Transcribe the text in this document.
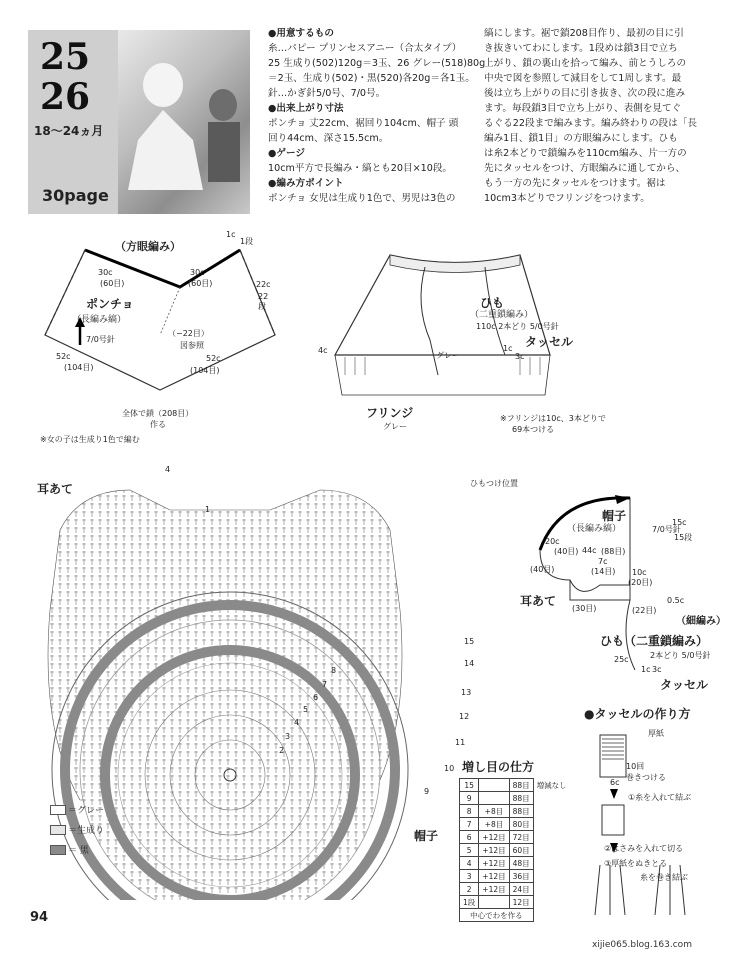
25
26
18～24ヵ月
30page
●用意するもの
糸…パピー プリンセスアニー（合太タイプ）
25 生成り(502)120g＝3玉、26 グレー(518)80g
＝2玉、生成り(502)・黒(520)各20g＝各1玉。
針…かぎ針5/0号、7/0号。
●出来上がり寸法
ポンチョ 丈22cm、裾回り104cm、帽子 頭
回り44cm、深さ15.5cm。
●ゲージ
10cm平方で長編み・縞とも20目×10段。
●編み方ポイント
ポンチョ 女児は生成り1色で、男児は3色の
縞にします。裾で鎖208目作り、最初の目に引
き抜きいてわにします。1段めは鎖3目で立ち
上がり、鎖の裏山を拾って編み、前とうしろの
中央で図を参照して減目をして1周します。最
後は立ち上がりの目に引き抜き、次の段に進み
ます。毎段鎖3目で立ち上がり、表側を見てぐ
るぐる22段まで編みます。編み終わりの段は「長
編み1目、鎖1目」の方眼編みにします。ひも
は糸2本どりで鎖編みを110cm編み、片一方の
先にタッセルをつけ、方眼編みに通してから、
もう一方の先にタッセルをつけます。裾は
10cm3本どりでフリンジをつけます。
（方眼編み）
1c
1段
30c
(60目)
30c
(60目)	22c
22段
ポンチョ
（長編み縞）
7/0号針
（−22目）
図参照
52c
(104目)
52c
(104目)
全体で鎖（208目）
作る
※女の子は生成り1色で編む
ひも
（二重鎖編み）
110c 2本どり 5/0号針
グレー
1c
3c
タッセル
4c
フリンジ
グレー
※フリンジは10c、3本どりで
69本つける
耳あて
4
1
ひもつけ位置
15
14
13
12
11
10
9
8
7
6
5
4
3
2
帽子
＝グレー
＝生成り
＝ 黒
帽子
（長編み縞）	7/0号針
15c
15段
20c
(40目) 44c (88目)
(40目)
7c
(14目) 10c
(20目)
耳あて
(30目)	(22目)
0.5c
（細編み）
ひも（二重鎖編み）
2本どり 5/0号針
25c
1c 3c
タッセル
●タッセルの作り方
厚紙
10回
巻きつける
6c
①糸を入れて結ぶ
②はさみを入れて切る
③厚紙をぬきとる
糸を巻き結ぶ
増し目の仕方
15		88目	増減なし
9		88目	
8	+8目	88目	
7	+8目	80目	
6	+12目	72目	
5	+12目	60目	
4	+12目	48目	
3	+12目	36目	
2	+12目	24目	
1段		12目	
中心でわを作る			
94
xijie065.blog.163.com
